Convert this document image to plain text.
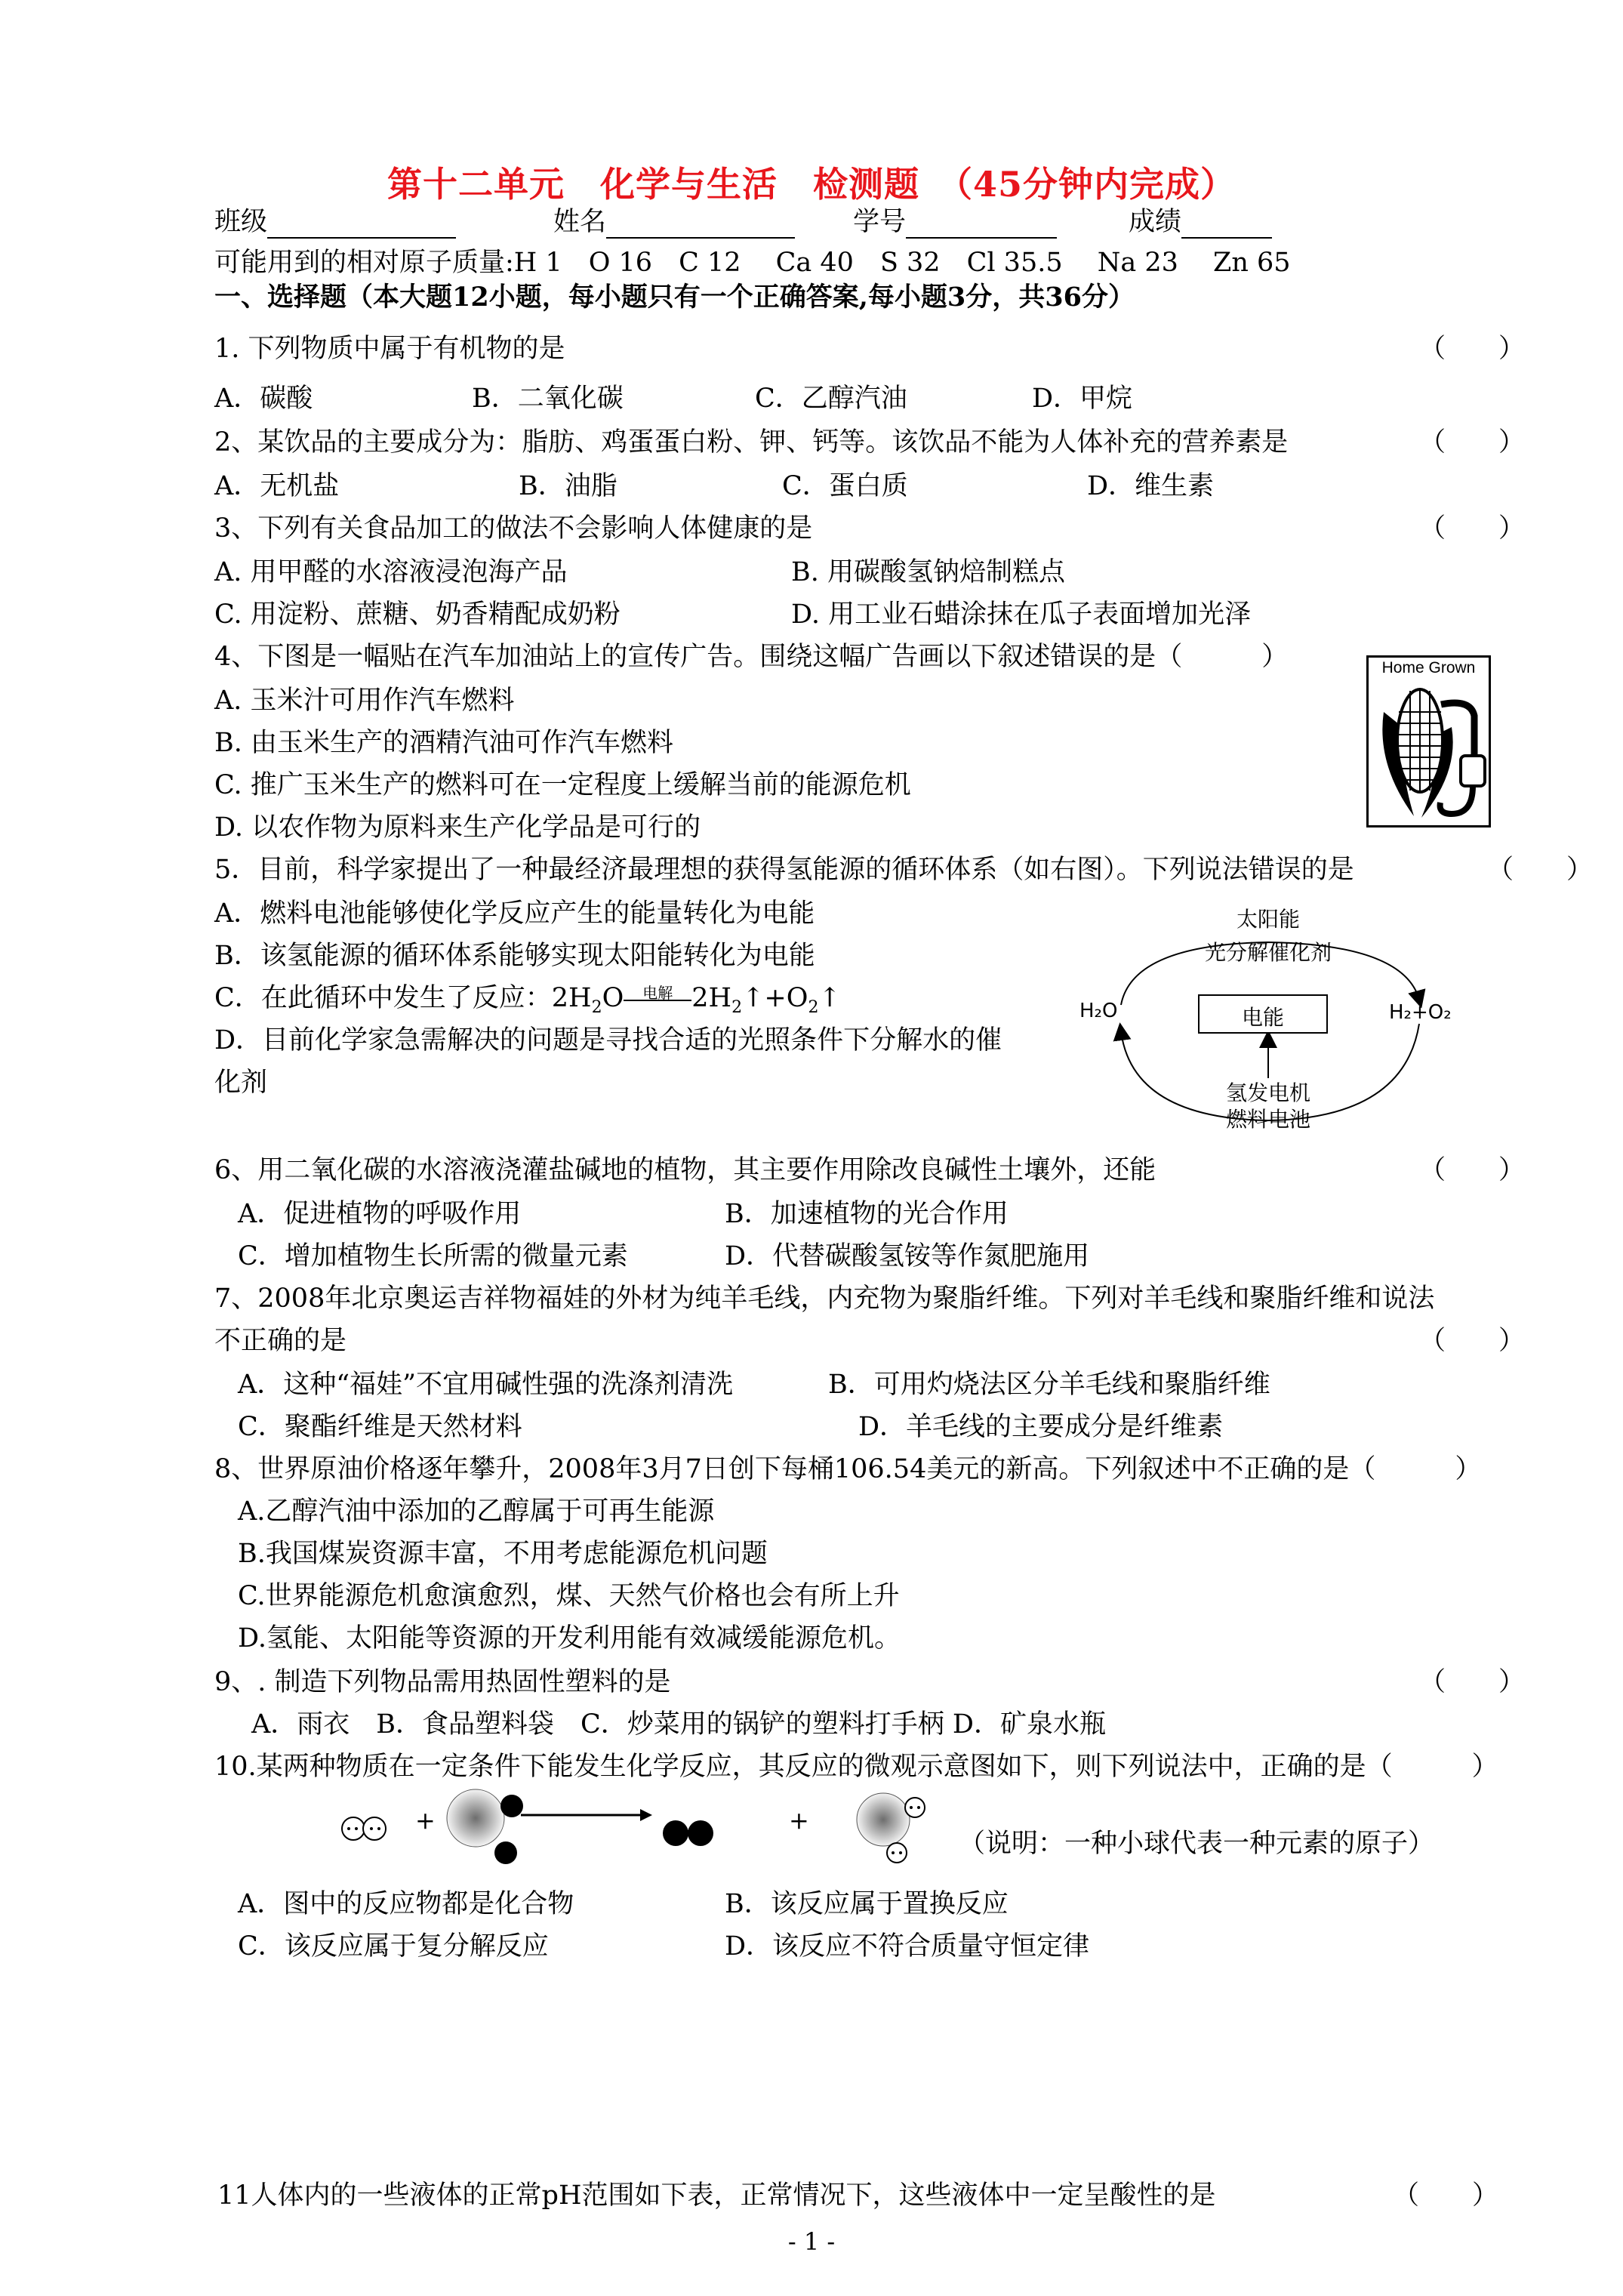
第十二单元　化学与生活　检测题　（45分钟内完成）
班级	姓名	学号	成绩
可能用到的相对原子质量:H 1　O 16　C 12　 Ca 40　S 32　Cl 35.5　 Na 23　 Zn 65
一、选择题（本大题12小题，每小题只有一个正确答案,每小题3分，共36分）
1. 下列物质中属于有机物的是	（　　）
A．碳酸	B．二氧化碳	C．乙醇汽油	D．甲烷
2、某饮品的主要成分为：脂肪、鸡蛋蛋白粉、钾、钙等。该饮品不能为人体补充的营养素是	（　　）
A．无机盐	B．油脂	C．蛋白质	D．维生素
3、下列有关食品加工的做法不会影响人体健康的是	（　　）
A. 用甲醛的水溶液浸泡海产品	B. 用碳酸氢钠焙制糕点
C. 用淀粉、蔗糖、奶香精配成奶粉	D. 用工业石蜡涂抹在瓜子表面增加光泽
4、下图是一幅贴在汽车加油站上的宣传广告。围绕这幅广告画以下叙述错误的是（　　　）
A. 玉米汁可用作汽车燃料
B. 由玉米生产的酒精汽油可作汽车燃料
C. 推广玉米生产的燃料可在一定程度上缓解当前的能源危机
D. 以农作物为原料来生产化学品是可行的
Home Grown
5．目前，科学家提出了一种最经济最理想的获得氢能源的循环体系（如右图）。下列说法错误的是	（　　）
A．燃料电池能够使化学反应产生的能量转化为电能
B．该氢能源的循环体系能够实现太阳能转化为电能
C．在此循环中发生了反应：$2H_2O$	电解 $2H_2↑+O_2↑$
D．目前化学家急需解决的问题是寻找合适的光照条件下分解水的催
化剂
太阳能
光分解催化剂
H₂O	H₂+O₂
电能
氢发电机
燃料电池
6、用二氧化碳的水溶液浇灌盐碱地的植物，其主要作用除改良碱性土壤外，还能	（　　）
A．促进植物的呼吸作用	B．加速植物的光合作用
C．增加植物生长所需的微量元素	D．代替碳酸氢铵等作氮肥施用
7、2008年北京奥运吉祥物福娃的外材为纯羊毛线，内充物为聚脂纤维。下列对羊毛线和聚脂纤维和说法
不正确的是	（　　）
A．这种“福娃”不宜用碱性强的洗涤剂清洗	B．可用灼烧法区分羊毛线和聚脂纤维
C．聚酯纤维是天然材料	D．羊毛线的主要成分是纤维素
8、世界原油价格逐年攀升，2008年3月7日创下每桶106.54美元的新高。下列叙述中不正确的是（　　　）
A.乙醇汽油中添加的乙醇属于可再生能源
B.我国煤炭资源丰富，不用考虑能源危机问题
C.世界能源危机愈演愈烈，煤、天然气价格也会有所上升
D.氢能、太阳能等资源的开发利用能有效减缓能源危机。
9、. 制造下列物品需用热固性塑料的是	（　　）
A．雨衣　B．食品塑料袋　C．炒菜用的锅铲的塑料打手柄 D．矿泉水瓶
10.某两种物质在一定条件下能发生化学反应，其反应的微观示意图如下，则下列说法中，正确的是（　　　）
+	+
（说明：一种小球代表一种元素的原子）
A．图中的反应物都是化合物	B．该反应属于置换反应
C．该反应属于复分解反应	D．该反应不符合质量守恒定律
11人体内的一些液体的正常pH范围如下表，正常情况下，这些液体中一定呈酸性的是	（　　）
- 1 -
